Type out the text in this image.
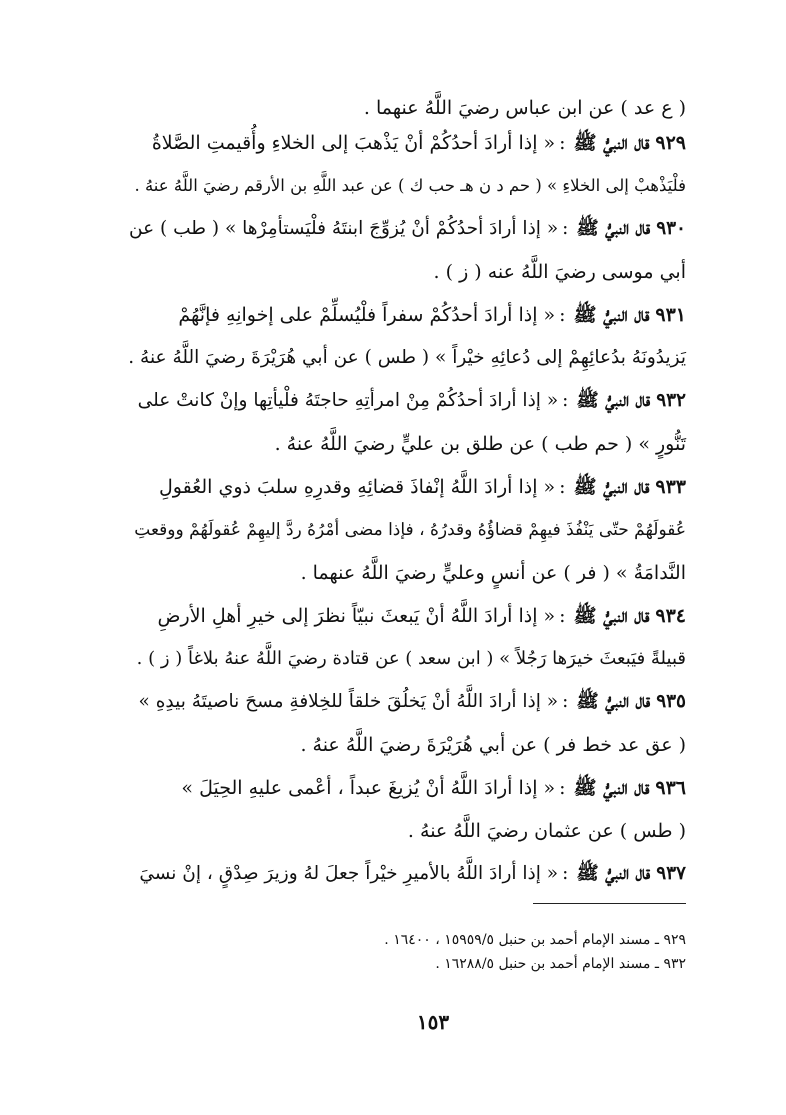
( ع عد ) عن ابن عباس رضيَ اللَّهُ عنهما .
٩٢٩
قال النبيُّ ﷺ
:
« إذا أرادَ أحدُكُمْ أنْ يَذْهبَ إلى الخلاءِ وأُقيمتِ الصَّلاةُ
فلْيَذْهبْ إلى الخلاءِ » ( حم د ن هـ حب ك ) عن عبد اللَّهِ بن الأرقم رضيَ اللَّهُ عنهُ .
٩٣٠
قال النبيُّ ﷺ
:
« إذا أرادَ أحدُكُمْ أنْ يُزوِّجَ ابنتَهُ فلْيَستأمِرْها » ( طب ) عن
أبي موسى رضيَ اللَّهُ عنه ( ز ) .
٩٣١
قال النبيُّ ﷺ
:
« إذا أرادَ أحدُكُمْ سفراً فلْيُسلِّمْ على إخوانِهِ فإنَّهُمْ
يَزيدُونَهُ بدُعائِهِمْ إلى دُعائِهِ خيْراً » ( طس ) عن أبي هُرَيْرَةَ رضيَ اللَّهُ عنهُ .
٩٣٢
قال النبيُّ ﷺ
:
« إذا أرادَ أحدُكُمْ مِنْ امرأتِهِ حاجتَهُ فلْيأتِها وإنْ كانتْ على
تَنُّورٍ » ( حم طب ) عن طلق بن عليٍّ رضيَ اللَّهُ عنهُ .
٩٣٣
قال النبيُّ ﷺ
:
« إذا أرادَ اللَّهُ إنْفاذَ قضائِهِ وقدرِهِ سلبَ ذوي العُقولِ
عُقولَهُمْ حتّى يَنْفُذَ فيهِمْ قضاؤُهُ وقدرُهُ ، فإذا مضى أمْرُهُ ردَّ إليهِمْ عُقولَهُمْ ووقعتِ
النَّدامَةُ » ( فر ) عن أنسٍ وعليٍّ رضيَ اللَّهُ عنهما .
٩٣٤
قال النبيُّ ﷺ
:
« إذا أرادَ اللَّهُ أنْ يَبعثَ نبيّاً نظرَ إلى خيرِ أهلِ الأرضِ
قبيلةً فيَبعثَ خيرَها رَجُلاً » ( ابن سعد ) عن قتادة رضيَ اللَّهُ عنهُ بلاغاً ( ز ) .
٩٣٥
قال النبيُّ ﷺ
:
« إذا أرادَ اللَّهُ أنْ يَخلُقَ خلقاً للخِلافةِ مسحَ ناصيتَهُ بيدِهِ »
( عق عد خط فر ) عن أبي هُرَيْرَةَ رضيَ اللَّهُ عنهُ .
٩٣٦
قال النبيُّ ﷺ
:
« إذا أرادَ اللَّهُ أنْ يُزيغَ عبداً ، أعْمى عليهِ الحِيَلَ »
( طس ) عن عثمان رضيَ اللَّهُ عنهُ .
٩٣٧
قال النبيُّ ﷺ
:
« إذا أرادَ اللَّهُ بالأميرِ خيْراً جعلَ لهُ وزيرَ صِدْقٍ ، إنْ نسيَ
٩٢٩ ـ مسند الإمام أحمد بن حنبل ١٥٩٥٩/٥ ، ١٦٤٠٠ .
٩٣٢ ـ مسند الإمام أحمد بن حنبل ١٦٢٨٨/٥ .
١٥٣
